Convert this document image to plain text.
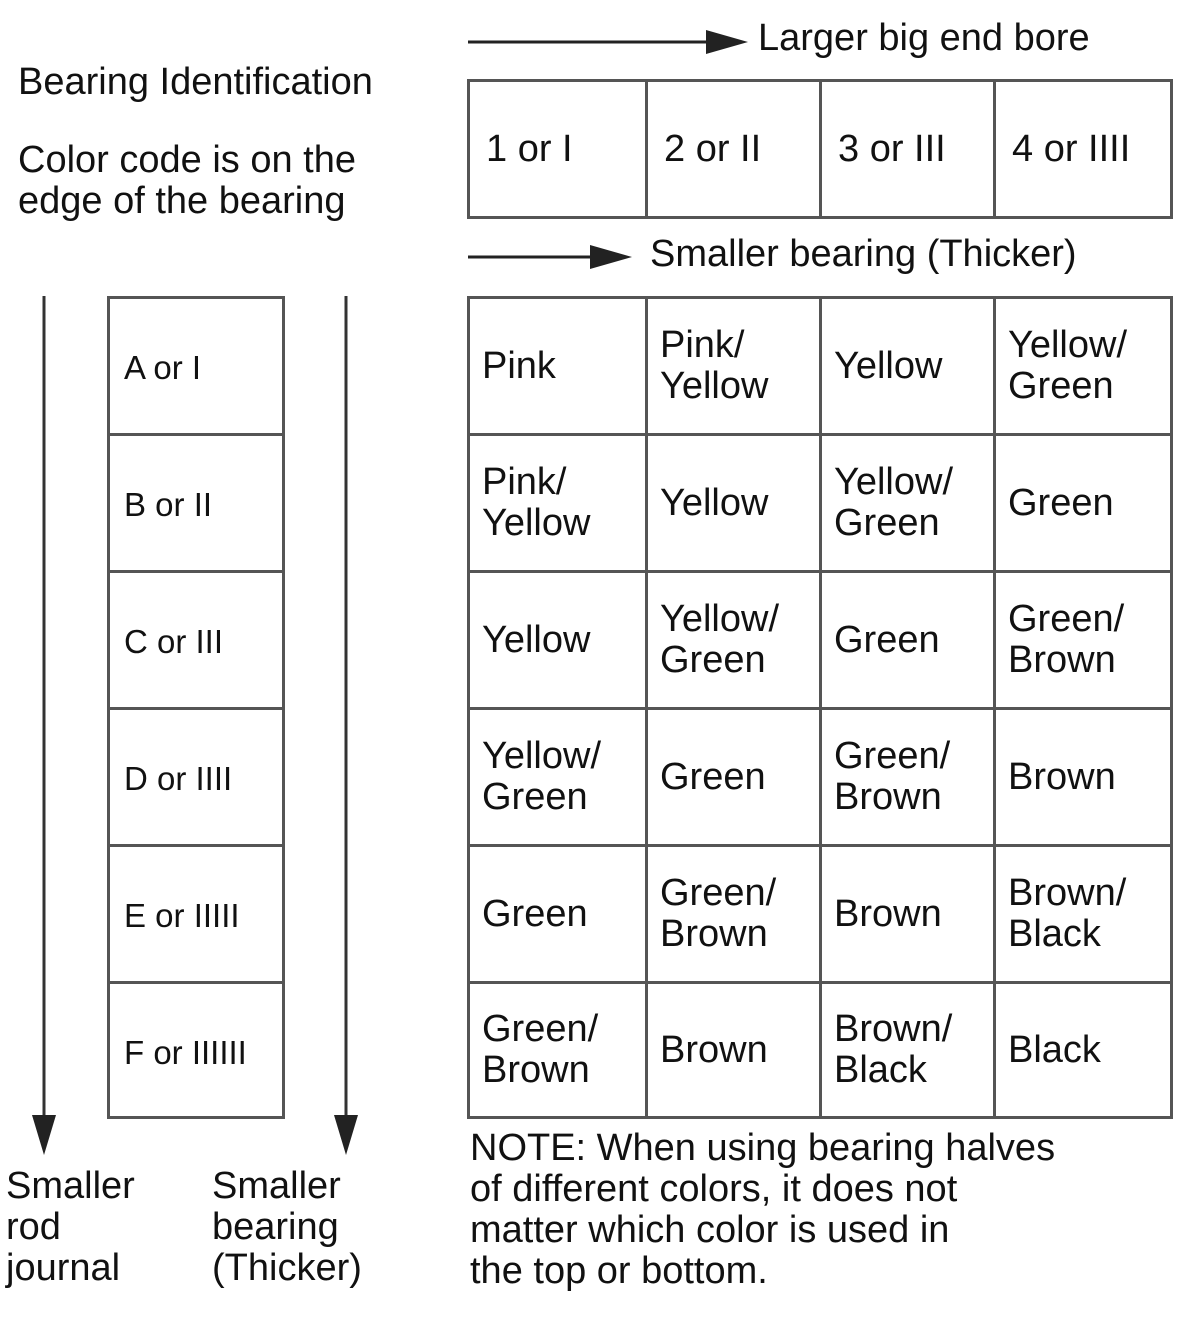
Bearing Identification
Color code is on the
edge of the bearing
Larger big end bore
Smaller bearing (Thicker)
Smaller
rod
journal
Smaller
bearing
(Thicker)
1 or I	2 or II	3 or III	4 or IIII
A or I
B or II
C or III
D or IIII
E or IIIII
F or IIIIII
Pink	Pink/ Yellow	Yellow	Yellow/ Green
Pink/ Yellow	Yellow	Yellow/ Green	Green
Yellow	Yellow/ Green	Green	Green/ Brown
Yellow/ Green	Green	Green/ Brown	Brown
Green	Green/ Brown	Brown	Brown/ Black
Green/ Brown	Brown	Brown/ Black	Black
NOTE: When using bearing halves
of different colors, it does not
matter which color is used in
the top or bottom.
